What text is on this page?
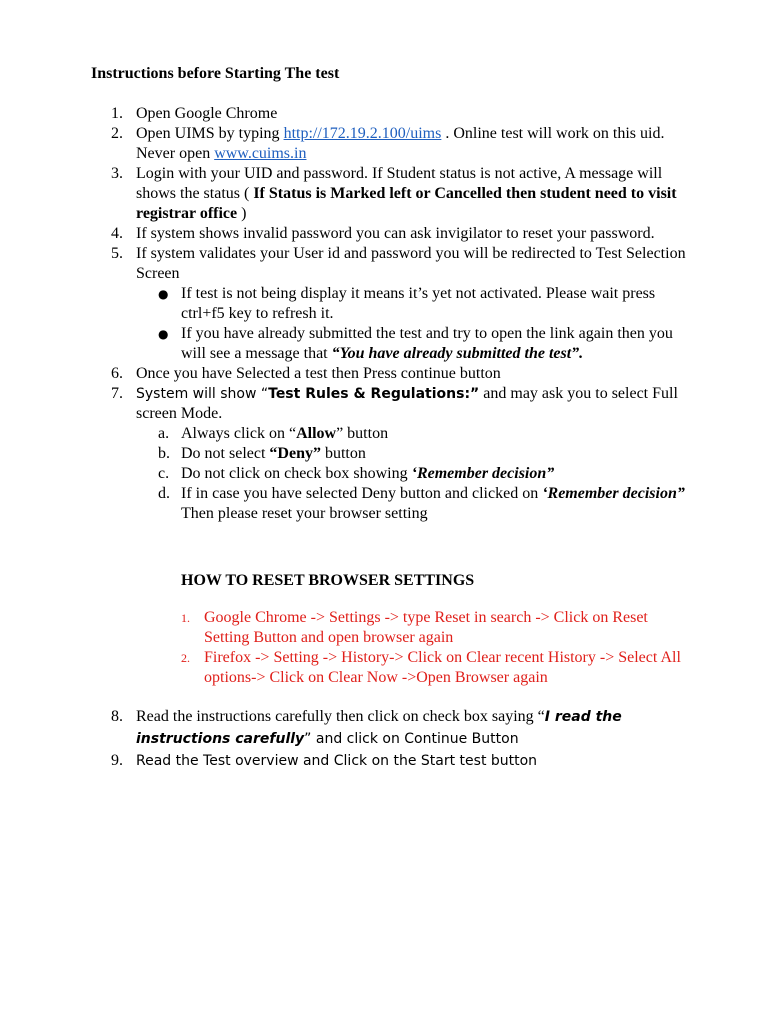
Instructions before Starting The test
1. Open Google Chrome
2. Open UIMS by typing http://172.19.2.100/uims . Online test will work on this uid. Never open www.cuims.in
3. Login with your UID and password. If Student status is not active, A message will shows the status ( If Status is Marked left or Cancelled then student need to visit registrar office )
4. If system shows invalid password you can ask invigilator to reset your password.
5. If system validates your User id and password you will be redirected to Test Selection Screen
● If test is not being display it means it’s yet not activated. Please wait press ctrl+f5 key to refresh it.
● If you have already submitted the test and try to open the link again then you will see a message that “You have already submitted the test”.
6. Once you have Selected a test then Press continue button
7. System will show “Test Rules & Regulations:” and may ask you to select Full screen Mode.
a. Always click on “Allow” button
b. Do not select “Deny” button
c. Do not click on check box showing ‘Remember decision”
d. If in case you have selected Deny button and clicked on ‘Remember decision” Then please reset your browser setting
HOW TO RESET BROWSER SETTINGS
1. Google Chrome -> Settings -> type Reset in search -> Click on Reset Setting Button and open browser again
2. Firefox -> Setting -> History-> Click on Clear recent History -> Select All options-> Click on Clear Now ->Open Browser again
8. Read the instructions carefully then click on check box saying “I read the instructions carefully” and click on Continue Button
9. Read the Test overview and Click on the Start test button
